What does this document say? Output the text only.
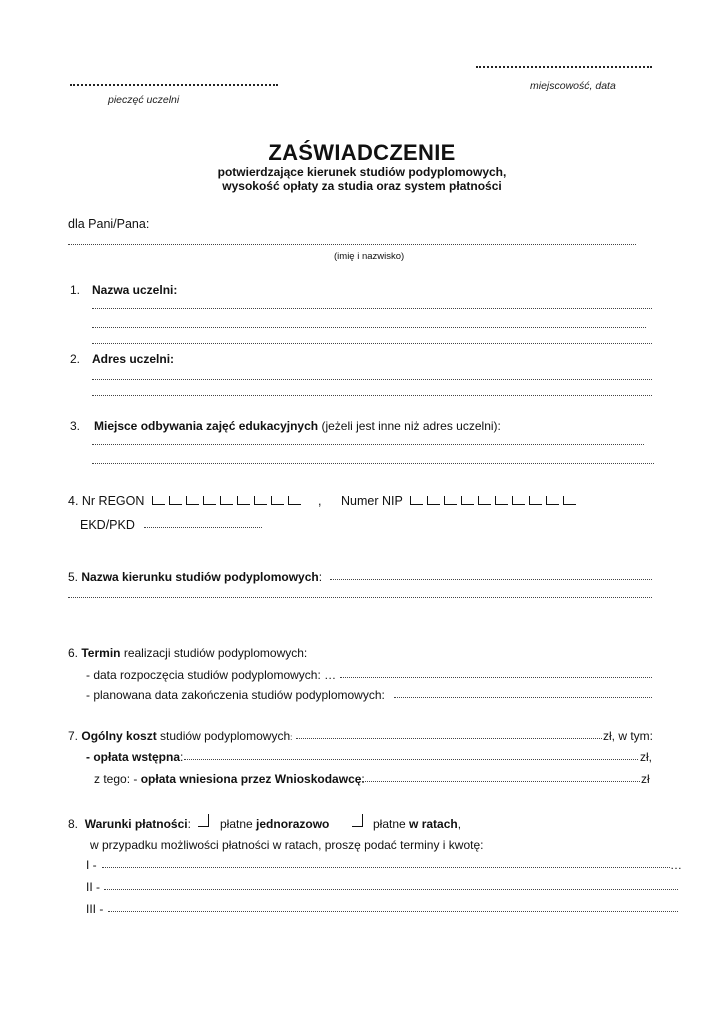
miejscowość, data
pieczęć uczelni
ZAŚWIADCZENIE
potwierdzające kierunek studiów podyplomowych,
wysokość opłaty za studia oraz system płatności
dla Pani/Pana:
(imię i nazwisko)
1. Nazwa uczelni:
2. Adres uczelni:
3. Miejsce odbywania zajęć edukacyjnych (jeżeli jest inne niż adres uczelni):
4. Nr REGON	, Numer NIP
EKD/PKD
5. Nazwa kierunku studiów podyplomowych:
6. Termin realizacji studiów podyplomowych:
- data rozpoczęcia studiów podyplomowych: …
- planowana data zakończenia studiów podyplomowych:
7. Ogólny koszt studiów podyplomowych:	zł, w tym:
- opłata wstępna:	zł,
z tego: - opłata wniesiona przez Wnioskodawcę:	zł
8. Warunki płatności: płatne jednorazowo	płatne w ratach,
w przypadku możliwości płatności w ratach, proszę podać terminy i kwotę:
I -	…
II -
III -
